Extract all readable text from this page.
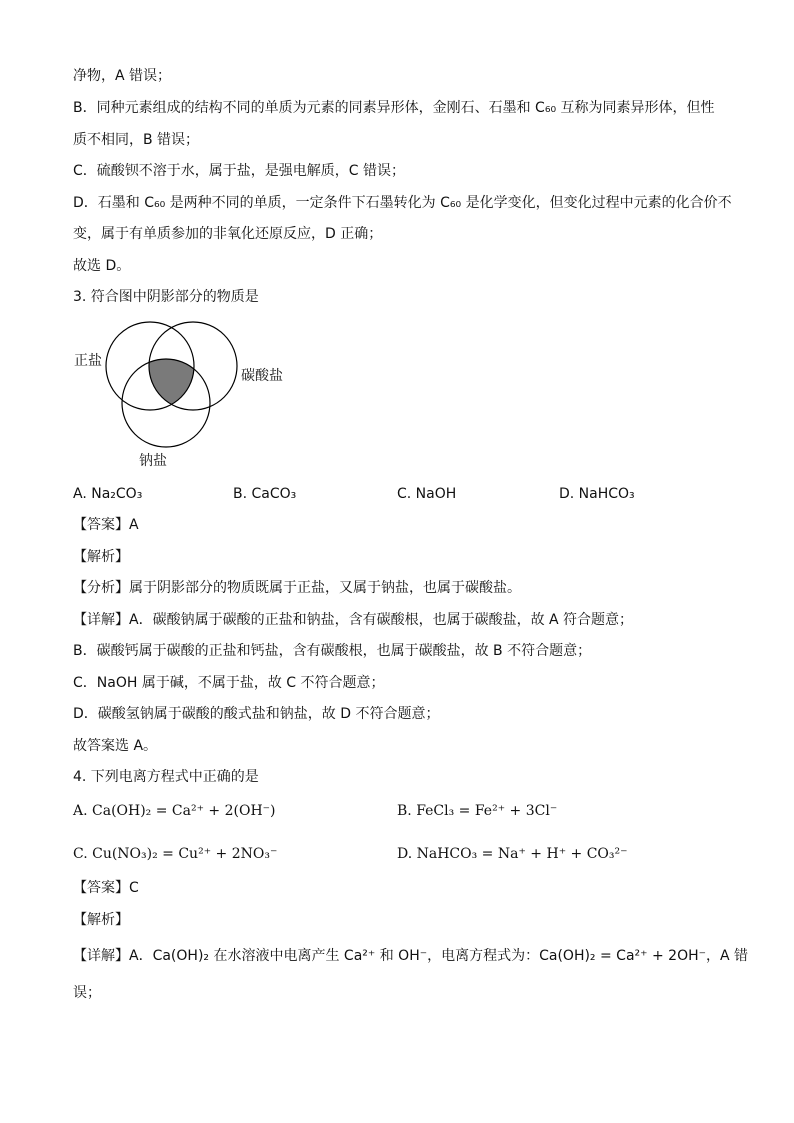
净物，A 错误；
B．同种元素组成的结构不同的单质为元素的同素异形体，金刚石、石墨和 C₆₀ 互称为同素异形体，但性
质不相同，B 错误；
C．硫酸钡不溶于水，属于盐，是强电解质，C 错误；
D．石墨和 C₆₀ 是两种不同的单质，一定条件下石墨转化为 C₆₀ 是化学变化，但变化过程中元素的化合价不
变，属于有单质参加的非氧化还原反应，D 正确；
故选 D。
3. 符合图中阴影部分的物质是
正盐
碳酸盐
钠盐
A. Na₂CO₃	B. CaCO₃	C. NaOH	D. NaHCO₃
【答案】A
【解析】
【分析】属于阴影部分的物质既属于正盐，又属于钠盐，也属于碳酸盐。
【详解】A．碳酸钠属于碳酸的正盐和钠盐，含有碳酸根，也属于碳酸盐，故 A 符合题意；
B．碳酸钙属于碳酸的正盐和钙盐，含有碳酸根，也属于碳酸盐，故 B 不符合题意；
C．NaOH 属于碱，不属于盐，故 C 不符合题意；
D．碳酸氢钠属于碳酸的酸式盐和钠盐，故 D 不符合题意；
故答案选 A。
4. 下列电离方程式中正确的是
A. Ca(OH)₂ = Ca²⁺ + 2(OH⁻)	B. FeCl₃ = Fe²⁺ + 3Cl⁻
C. Cu(NO₃)₂ = Cu²⁺ + 2NO₃⁻	D. NaHCO₃ = Na⁺ + H⁺ + CO₃²⁻
【答案】C
【解析】
【详解】A．Ca(OH)₂ 在水溶液中电离产生 Ca²⁺ 和 OH⁻，电离方程式为：Ca(OH)₂ = Ca²⁺ + 2OH⁻，A 错
误；
